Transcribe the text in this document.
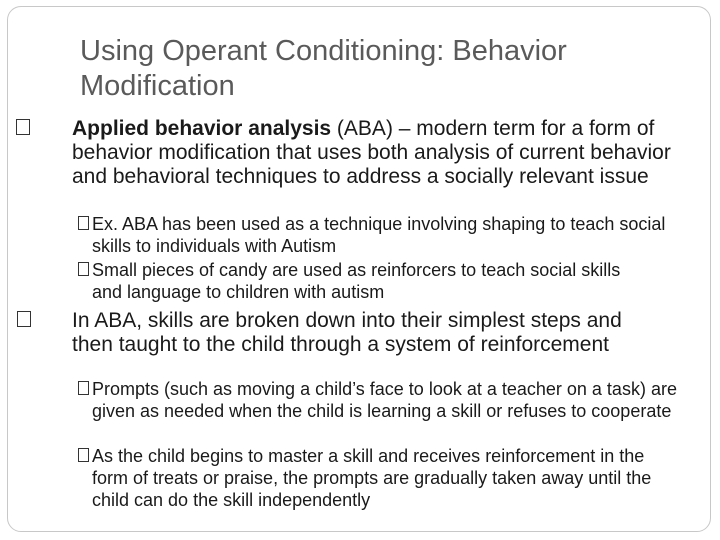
Using Operant Conditioning: Behavior Modification

Applied behavior analysis (ABA) – modern term for a form of behavior modification that uses both analysis of current behavior and behavioral techniques to address a socially relevant issue

Ex. ABA has been used as a technique involving shaping to teach social skills to individuals with Autism

Small pieces of candy are used as reinforcers to teach social skills and language to children with autism

In ABA, skills are broken down into their simplest steps and then taught to the child through a system of reinforcement

Prompts (such as moving a child’s face to look at a teacher on a task) are given as needed when the child is learning a skill or refuses to cooperate

As the child begins to master a skill and receives reinforcement in the form of treats or praise, the prompts are gradually taken away until the child can do the skill independently
